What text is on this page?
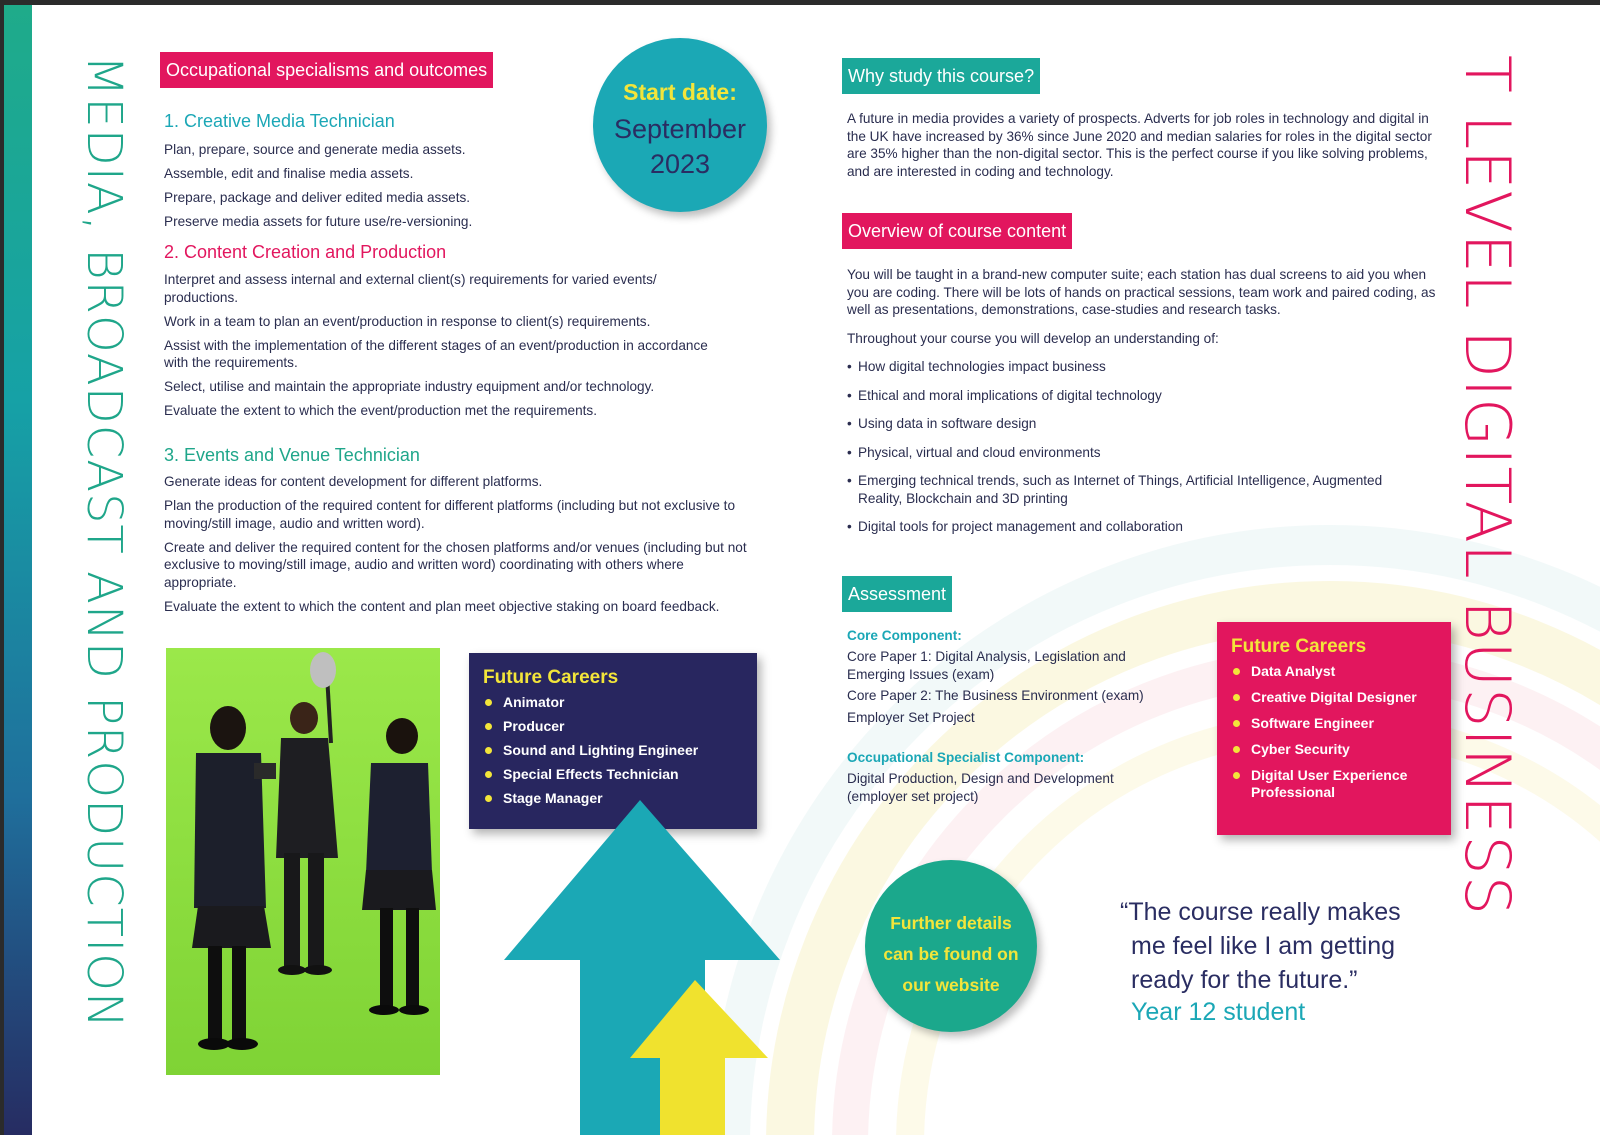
MEDIA, BROADCAST AND PRODUCTION	T LEVEL DIGITAL BUSINESS
Occupational specialisms and outcomes
1. Creative Media Technician

Plan, prepare, source and generate media assets.

Assemble, edit and finalise media assets.

Prepare, package and deliver edited media assets.

Preserve media assets for future use/re-versioning.

2. Content Creation and Production

Interpret and assess internal and external client(s) requirements for varied events/ productions.

Work in a team to plan an event/production in response to client(s) requirements.

Assist with the implementation of the different stages of an event/production in accordance with the requirements.

Select, utilise and maintain the appropriate industry equipment and/or technology.

Evaluate the extent to which the event/production met the requirements.

3. Events and Venue Technician

Generate ideas for content development for different platforms.

Plan the production of the required content for different platforms (including but not exclusive to moving/still image, audio and written word).

Create and deliver the required content for the chosen platforms and/or venues (including but not exclusive to moving/still image, audio and written word) coordinating with others where appropriate.

Evaluate the extent to which the content and plan meet objective staking on board feedback.

Start date:
September
2023
Future Careers
Animator
Producer
Sound and Lighting Engineer
Special Effects Technician
Stage Manager
Why study this course?
A future in media provides a variety of prospects. Adverts for job roles in technology and digital in the UK have increased by 36% since June 2020 and median salaries for roles in the digital sector are 35% higher than the non-digital sector. This is the perfect course if you like solving problems, and are interested in coding and technology.
Overview of course content
You will be taught in a brand-new computer suite; each station has dual screens to aid you when you are coding. There will be lots of hands on practical sessions, team work and paired coding, as well as presentations, demonstrations, case-studies and research tasks.
Throughout your course you will develop an understanding of:
• How digital technologies impact business
• Ethical and moral implications of digital technology
• Using data in software design
• Physical, virtual and cloud environments
• Emerging technical trends, such as Internet of Things, Artificial Intelligence, Augmented Reality, Blockchain and 3D printing
• Digital tools for project management and collaboration
Assessment
Core Component:

Core Paper 1: Digital Analysis, Legislation and Emerging Issues (exam)

Core Paper 2: The Business Environment (exam)

Employer Set Project

Occupational Specialist Component:
Digital Production, Design and Development (employer set project)
Future Careers
Data Analyst
Creative Digital Designer
Software Engineer
Cyber Security
Digital User Experience Professional
Further details can be found on our website
“The course really makes
me feel like I am getting
ready for the future.”
Year 12 student
